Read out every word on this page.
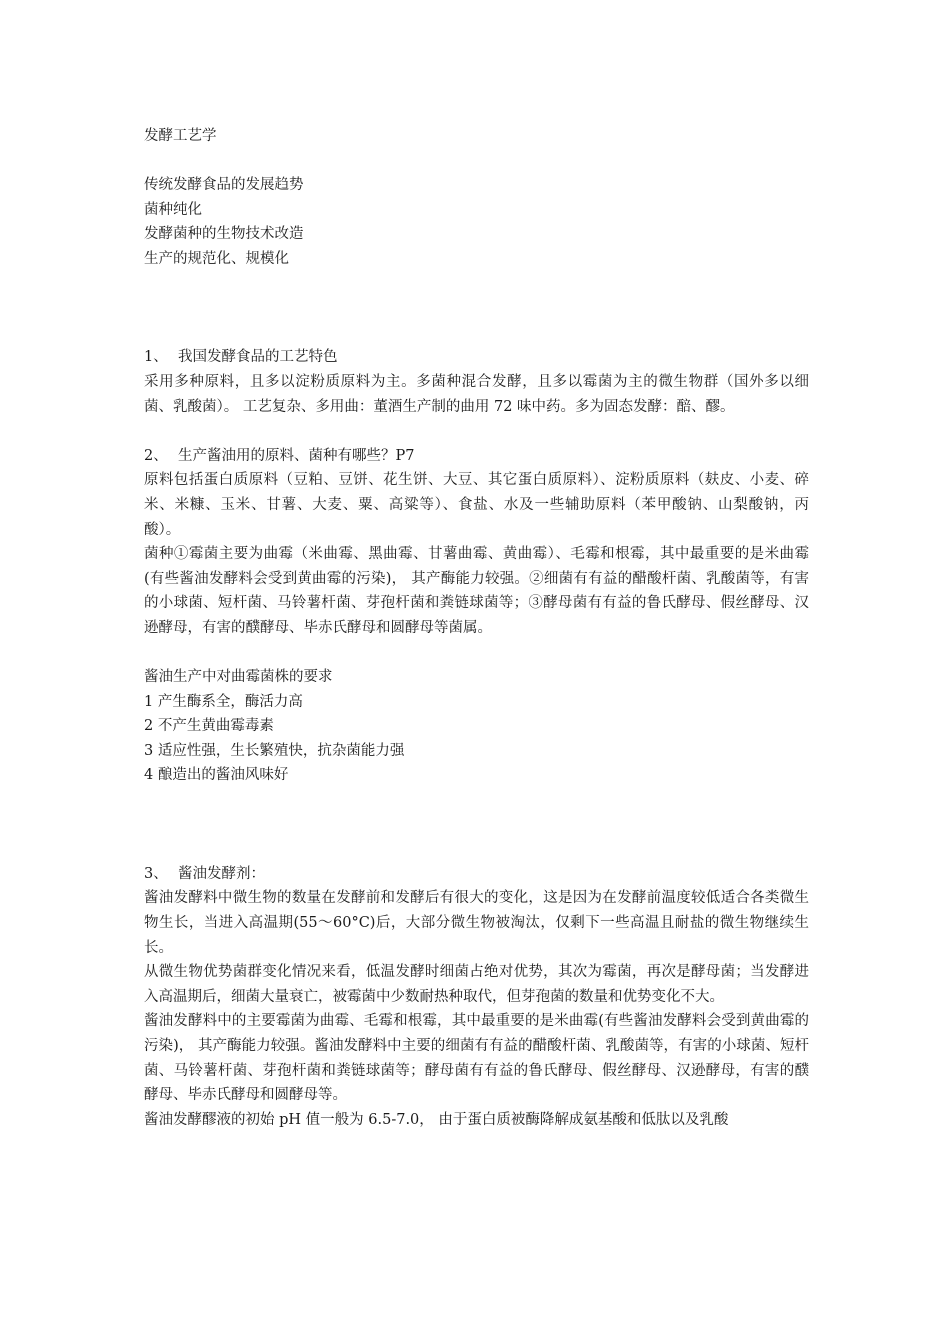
发酵工艺学
传统发酵食品的发展趋势
菌种纯化
发酵菌种的生物技术改造
生产的规范化、规模化
1、 我国发酵食品的工艺特色
采用多种原料，且多以淀粉质原料为主。多菌种混合发酵，且多以霉菌为主的微生物群（国外多以细菌、乳酸菌）。 工艺复杂、多用曲：董酒生产制的曲用 72 味中药。多为固态发酵：醅、醪。
2、 生产酱油用的原料、菌种有哪些？P7
原料包括蛋白质原料（豆粕、豆饼、花生饼、大豆、其它蛋白质原料）、淀粉质原料（麸皮、小麦、碎米、米糠、玉米、甘薯、大麦、粟、高粱等）、食盐、水及一些辅助原料（苯甲酸钠、山梨酸钠，丙酸）。
菌种①霉菌主要为曲霉（米曲霉、黑曲霉、甘薯曲霉、黄曲霉）、毛霉和根霉，其中最重要的是米曲霉(有些酱油发酵料会受到黄曲霉的污染)， 其产酶能力较强。②细菌有有益的醋酸杆菌、乳酸菌等，有害的小球菌、短杆菌、马铃薯杆菌、芽孢杆菌和粪链球菌等；③酵母菌有有益的鲁氏酵母、假丝酵母、汉逊酵母，有害的醭酵母、毕赤氏酵母和圆酵母等菌属。
酱油生产中对曲霉菌株的要求
1 产生酶系全，酶活力高
2 不产生黄曲霉毒素
3 适应性强，生长繁殖快，抗杂菌能力强
4 酿造出的酱油风味好
3、 酱油发酵剂：
酱油发酵料中微生物的数量在发酵前和发酵后有很大的变化，这是因为在发酵前温度较低适合各类微生物生长，当进入高温期(55～60°C)后，大部分微生物被淘汰，仅剩下一些高温且耐盐的微生物继续生长。
从微生物优势菌群变化情况来看，低温发酵时细菌占绝对优势，其次为霉菌，再次是酵母菌；当发酵进入高温期后，细菌大量衰亡，被霉菌中少数耐热种取代，但芽孢菌的数量和优势变化不大。
酱油发酵料中的主要霉菌为曲霉、毛霉和根霉，其中最重要的是米曲霉(有些酱油发酵料会受到黄曲霉的污染)， 其产酶能力较强。酱油发酵料中主要的细菌有有益的醋酸杆菌、乳酸菌等，有害的小球菌、短杆菌、马铃薯杆菌、芽孢杆菌和粪链球菌等；酵母菌有有益的鲁氏酵母、假丝酵母、汉逊酵母，有害的醭酵母、毕赤氏酵母和圆酵母等。
酱油发酵醪液的初始 pH 值一般为 6.5-7.0， 由于蛋白质被酶降解成氨基酸和低肽以及乳酸
